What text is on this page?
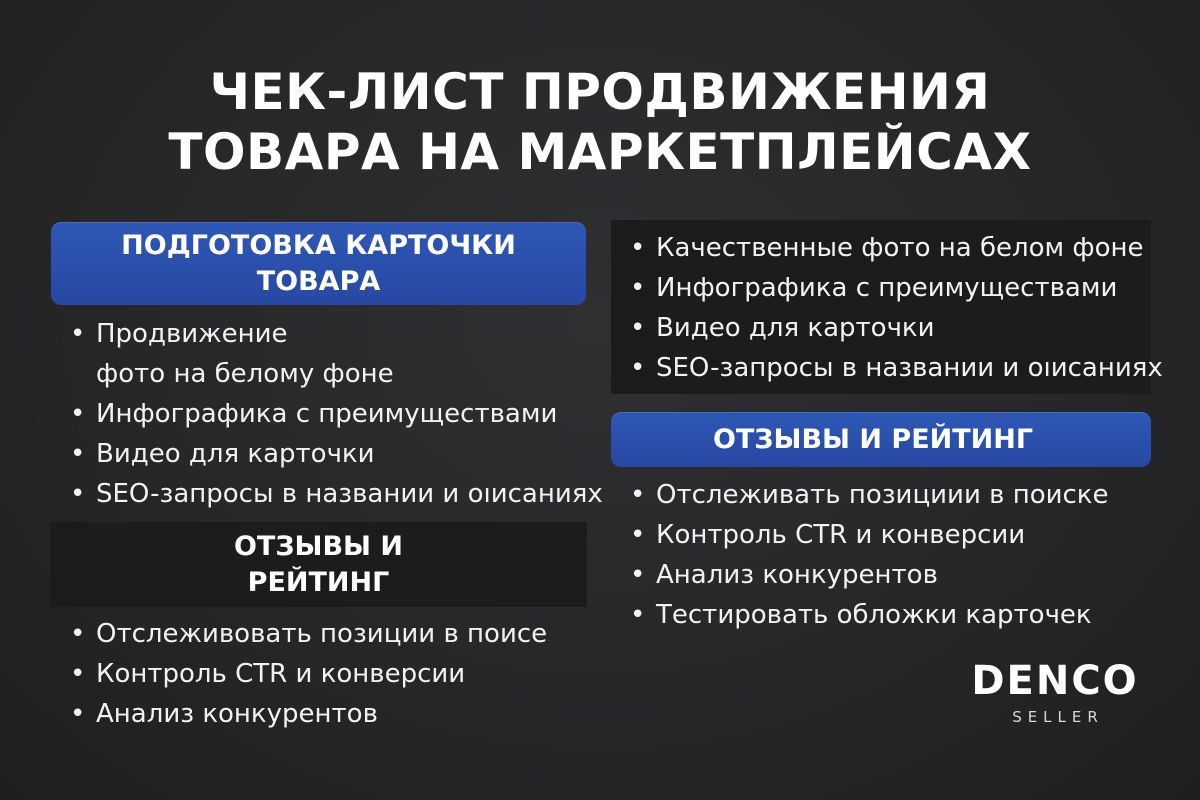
ЧЕК-ЛИСТ ПРОДВИЖЕНИЯ
ТОВАРА НА МАРКЕТПЛЕЙСАХ
ПОДГОТОВКА КАРТОЧКИ
ТОВАРА
• Продвижение
фото на белому фоне
• Инфографика с преимуществами
• Видео для карточки
• SEO-запросы в названии и оıисаниях
ОТЗЫВЫ И
РЕЙТИНГ
• Отслеживовать позиции в поисе
• Контроль CTR и конверсии
• Анализ конкурентов
• Качественные фото на белом фоне
• Инфографика с преимуществами
• Видео для карточки
• SEO-запросы в названии и оıисаниях
ОТЗЫВЫ И РЕЙТИНГ
• Отслеживать позициии в поиске
• Контроль CTR и конверсии
• Анализ конкурентов
• Тестировать обложки карточек
DENCO
SELLER
